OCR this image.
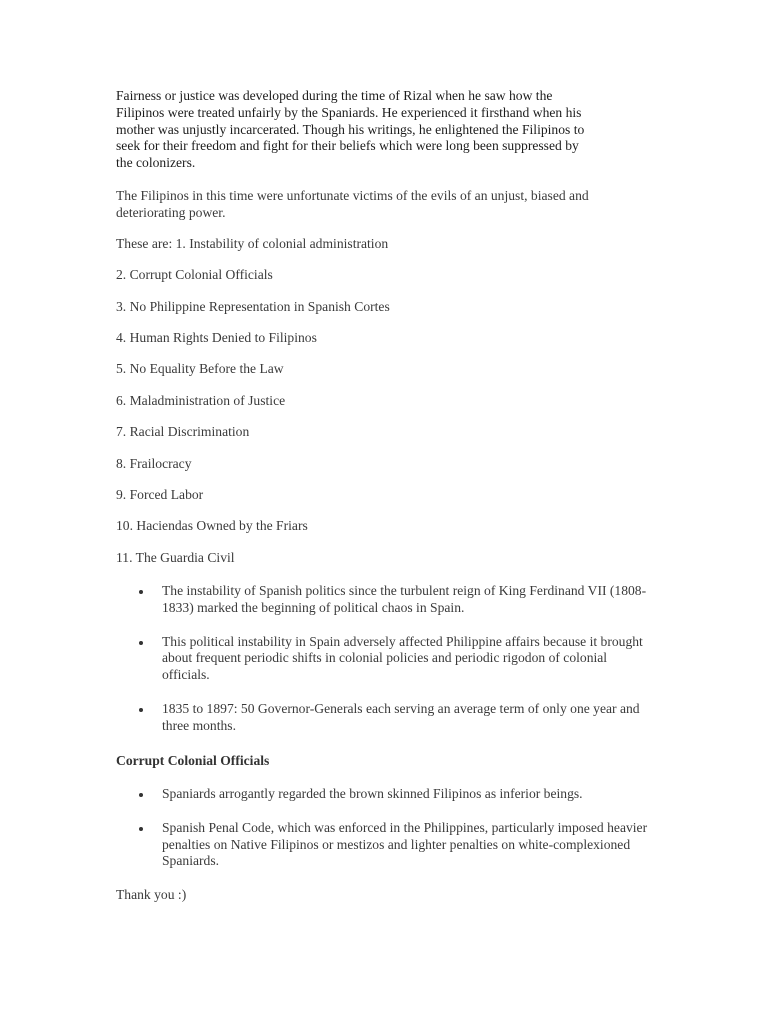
Fairness or justice was developed during the time of Rizal when he saw how the Filipinos were treated unfairly by the Spaniards. He experienced it firsthand when his mother was unjustly incarcerated. Though his writings, he enlightened the Filipinos to seek for their freedom and fight for their beliefs which were long been suppressed by the colonizers.

The Filipinos in this time were unfortunate victims of the evils of an unjust, biased and deteriorating power.

These are: 1. Instability of colonial administration

2. Corrupt Colonial Officials

3. No Philippine Representation in Spanish Cortes

4. Human Rights Denied to Filipinos

5. No Equality Before the Law

6. Maladministration of Justice

7. Racial Discrimination

8. Frailocracy

9. Forced Labor

10. Haciendas Owned by the Friars

11. The Guardia Civil

The instability of Spanish politics since the turbulent reign of King Ferdinand VII (1808-1833) marked the beginning of political chaos in Spain.
This political instability in Spain adversely affected Philippine affairs because it brought about frequent periodic shifts in colonial policies and periodic rigodon of colonial officials.
1835 to 1897: 50 Governor-Generals each serving an average term of only one year and three months.

Corrupt Colonial Officials

Spaniards arrogantly regarded the brown skinned Filipinos as inferior beings.
Spanish Penal Code, which was enforced in the Philippines, particularly imposed heavier penalties on Native Filipinos or mestizos and lighter penalties on white-complexioned Spaniards.

Thank you :)
